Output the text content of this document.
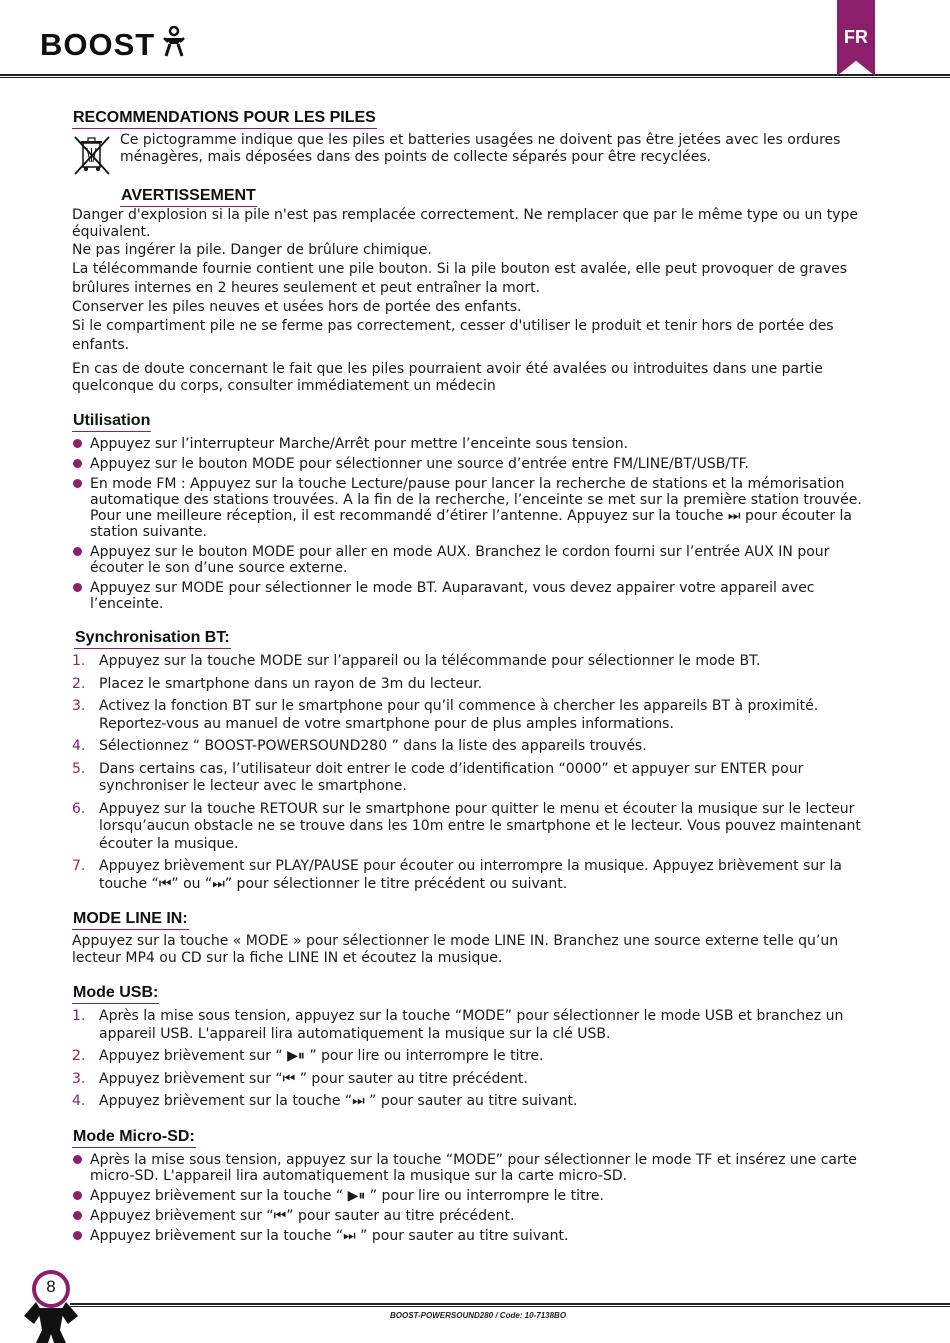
BOOST	FR
RECOMMENDATIONS POUR LES PILES

Ce pictogramme indique que les piles et batteries usagées ne doivent pas être jetées avec les ordures ménagères, mais déposées dans des points de collecte séparés pour être recyclées.

AVERTISSEMENT

Danger d'explosion si la pile n'est pas remplacée correctement. Ne remplacer que par le même type ou un type équivalent.

Ne pas ingérer la pile. Danger de brûlure chimique.

La télécommande fournie contient une pile bouton. Si la pile bouton est avalée, elle peut provoquer de graves brûlures internes en 2 heures seulement et peut entraîner la mort.

Conserver les piles neuves et usées hors de portée des enfants.

Si le compartiment pile ne se ferme pas correctement, cesser d'utiliser le produit et tenir hors de portée des enfants.

En cas de doute concernant le fait que les piles pourraient avoir été avalées ou introduites dans une partie quelconque du corps, consulter immédiatement un médecin

Utilisation
Appuyez sur l’interrupteur Marche/Arrêt pour mettre l’enceinte sous tension.
Appuyez sur le bouton MODE pour sélectionner une source d’entrée entre FM/LINE/BT/USB/TF.
En mode FM : Appuyez sur la touche Lecture/pause pour lancer la recherche de stations et la mémorisation automatique des stations trouvées. A la fin de la recherche, l’enceinte se met sur la première station trouvée. Pour une meilleure réception, il est recommandé d’étirer l’antenne. Appuyez sur la touche ⏭ pour écouter la station suivante.
Appuyez sur le bouton MODE pour aller en mode AUX. Branchez le cordon fourni sur l’entrée AUX IN pour écouter le son d’une source externe.
Appuyez sur MODE pour sélectionner le mode BT. Auparavant, vous devez appairer votre appareil avec l’enceinte.
Synchronisation BT:
1. Appuyez sur la touche MODE sur l’appareil ou la télécommande pour sélectionner le mode BT.
2. Placez le smartphone dans un rayon de 3m du lecteur.
3. Activez la fonction BT sur le smartphone pour qu’il commence à chercher les appareils BT à proximité. Reportez-vous au manuel de votre smartphone pour de plus amples informations.
4. Sélectionnez “ BOOST-POWERSOUND280 ” dans la liste des appareils trouvés.
5. Dans certains cas, l’utilisateur doit entrer le code d’identification “0000” et appuyer sur ENTER pour synchroniser le lecteur avec le smartphone.
6. Appuyez sur la touche RETOUR sur le smartphone pour quitter le menu et écouter la musique sur le lecteur lorsqu’aucun obstacle ne se trouve dans les 10m entre le smartphone et le lecteur. Vous pouvez maintenant écouter la musique.
7. Appuyez brièvement sur PLAY/PAUSE pour écouter ou interrompre la musique. Appuyez brièvement sur la touche “⏮” ou “⏭” pour sélectionner le titre précédent ou suivant.
MODE LINE IN:

Appuyez sur la touche « MODE » pour sélectionner le mode LINE IN. Branchez une source externe telle qu’un lecteur MP4 ou CD sur la fiche LINE IN et écoutez la musique.

Mode USB:
1. Après la mise sous tension, appuyez sur la touche “MODE” pour sélectionner le mode USB et branchez un appareil USB. L'appareil lira automatiquement la musique sur la clé USB.
2. Appuyez brièvement sur “ ▶⏸ ” pour lire ou interrompre le titre.
3. Appuyez brièvement sur “⏮ ” pour sauter au titre précédent.
4. Appuyez brièvement sur la touche “⏭ ” pour sauter au titre suivant.
Mode Micro-SD:
Après la mise sous tension, appuyez sur la touche “MODE” pour sélectionner le mode TF et insérez une carte micro-SD. L'appareil lira automatiquement la musique sur la carte micro-SD.
Appuyez brièvement sur la touche “ ▶⏸ ” pour lire ou interrompre le titre.
Appuyez brièvement sur “⏮” pour sauter au titre précédent.
Appuyez brièvement sur la touche “⏭ ” pour sauter au titre suivant.
BOOST-POWERSOUND280 / Code: 10-7138BO
8
